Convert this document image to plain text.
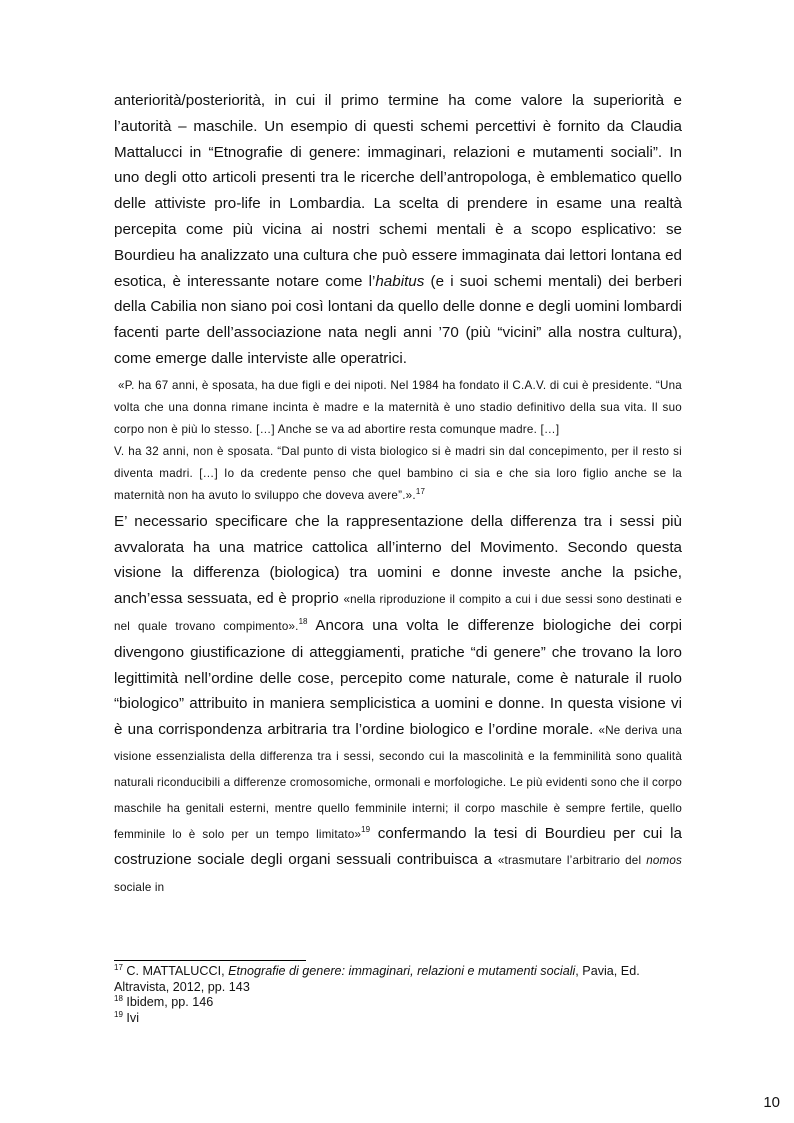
anteriorità/posteriorità, in cui il primo termine ha come valore la superiorità e l’autorità – maschile. Un esempio di questi schemi percettivi è fornito da Claudia Mattalucci in “Etnografie di genere: immaginari, relazioni e mutamenti sociali”. In uno degli otto articoli presenti tra le ricerche dell’antropologa, è emblematico quello delle attiviste pro-life in Lombardia. La scelta di prendere in esame una realtà percepita come più vicina ai nostri schemi mentali è a scopo esplicativo: se Bourdieu ha analizzato una cultura che può essere immaginata dai lettori lontana ed esotica, è interessante notare come l’habitus (e i suoi schemi mentali) dei berberi della Cabilia non siano poi così lontani da quello delle donne e degli uomini lombardi facenti parte dell’associazione nata negli anni ’70 (più “vicini” alla nostra cultura), come emerge dalle interviste alle operatrici.

«P. ha 67 anni, è sposata, ha due figli e dei nipoti. Nel 1984 ha fondato il C.A.V. di cui è presidente. “Una volta che una donna rimane incinta è madre e la maternità è uno stadio definitivo della sua vita. Il suo corpo non è più lo stesso. […] Anche se va ad abortire resta comunque madre. […]

V. ha 32 anni, non è sposata. “Dal punto di vista biologico si è madri sin dal concepimento, per il resto si diventa madri. […] Io da credente penso che quel bambino ci sia e che sia loro figlio anche se la maternità non ha avuto lo sviluppo che doveva avere”.».$^{17}$

E’ necessario specificare che la rappresentazione della differenza tra i sessi più avvalorata ha una matrice cattolica all’interno del Movimento. Secondo questa visione la differenza (biologica) tra uomini e donne investe anche la psiche, anch’essa sessuata, ed è proprio «nella riproduzione il compito a cui i due sessi sono destinati e nel quale trovano compimento».$^{18}$ Ancora una volta le differenze biologiche dei corpi divengono giustificazione di atteggiamenti, pratiche “di genere” che trovano la loro legittimità nell’ordine delle cose, percepito come naturale, come è naturale il ruolo “biologico” attribuito in maniera semplicistica a uomini e donne. In questa visione vi è una corrispondenza arbitraria tra l’ordine biologico e l’ordine morale. «Ne deriva una visione essenzialista della differenza tra i sessi, secondo cui la mascolinità e la femminilità sono qualità naturali riconducibili a differenze cromosomiche, ormonali e morfologiche. Le più evidenti sono che il corpo maschile ha genitali esterni, mentre quello femminile interni; il corpo maschile è sempre fertile, quello femminile lo è solo per un tempo limitato»$^{19}$ confermando la tesi di Bourdieu per cui la costruzione sociale degli organi sessuali contribuisca a «trasmutare l’arbitrario del nomos sociale in

$^{17}$ C. MATTALUCCI, Etnografie di genere: immaginari, relazioni e mutamenti sociali, Pavia, Ed. Altravista, 2012, pp. 143

$^{18}$ Ibidem, pp. 146

$^{19}$ Ivi

10
